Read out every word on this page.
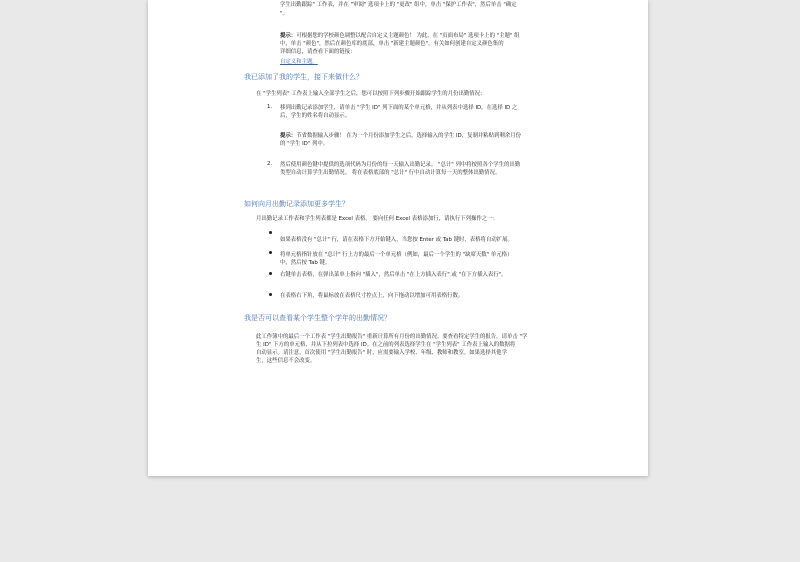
学生出勤跟踪" 工作表，并在 "审阅" 选项卡上的 "更改" 组中，单击 "保护工作表"，然后单击 "确定
"。
提示：可根据您的学校颜色调整以配合自定义主题颜色！ 为此，在 "页面布局" 选项卡上的 "主题" 组
中，单击 "颜色"，然后在颜色库的底部，单击 "新建主题颜色"。有关如何创建自定义颜色集的
详细信息，请查看下面的链接：
自定义和主题。
我已添加了我的学生，接下来做什么？
在 "学生列表" 工作表上输入全部学生之后，您可以按照下列步骤开始跟踪学生的月份出勤情况：
1. 移到出勤记录添加学生，请单击 "学生 ID" 列下面的某个单元格，并从列表中选择 ID。在选择 ID 之
后，学生的姓名将自动显示。
提示：节省数据输入步骤！ 在为一个月份添加学生之后，选择输入的学生 ID，复制并粘贴到剩余月份
的 "学生 ID" 列中。
2. 然后使用颜色键中提供的选项代码为月份的每一天输入出勤记录。 "总计" 列中将按照各个学生的出勤
类型自动计算学生出勤情况。 将在表格底部的 "总计" 行中自动计算每一天的整体出勤情况。
如何向月出勤记录添加更多学生？
月出勤记录工作表和学生列表都是 Excel 表格。 要向任何 Excel 表格添加行，请执行下列操作之一：
如果表格没有 "总计" 行，请在表格下方开始键入，当您按 Enter 或 Tab 键时，表格将自动扩展。
将单元格指针放在 "总计" 行上方的最后一个单元格（例如，最后一个学生的 "缺席天数" 单元格）
中，然后按 Tab 键。
右键单击表格，在弹出菜单上指向 "插入"，然后单击 "在上方插入表行" 或 "在下方插入表行"。
在表格右下角，将鼠标放在表格尺寸控点上，向下拖动以增加可用表格行数。
我是否可以查看某个学生整个学年的出勤情况？
此工作簿中的最后一个工作表 "学生出勤报告" 重新计算所有月份的出勤情况。要查看特定学生的报告，请单击 "学
生 ID" 下方的单元格，并从下拉列表中选择 ID。在之前的列表选择学生在 "学生列表" 工作表上输入的数据将
自动显示。请注意，首次使用 "学生出勤报告" 时，应需要输入学校、年级、教师和教室。如果选择其他学
生，这些信息不会改变。
